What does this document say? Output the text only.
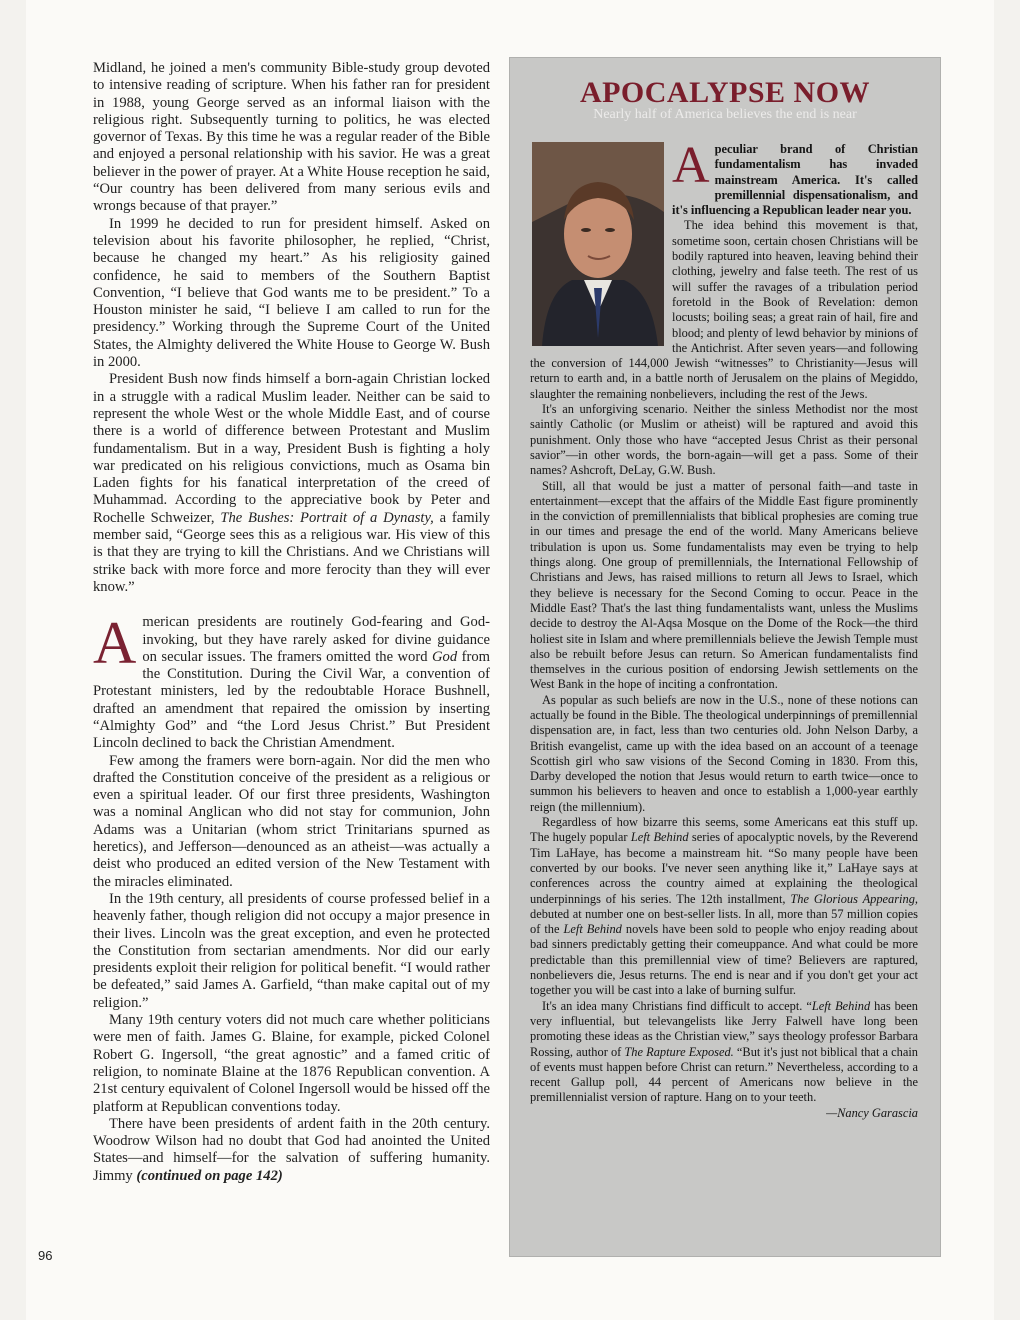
Midland, he joined a men's community Bible-study group devoted to intensive reading of scripture. When his father ran for president in 1988, young George served as an informal liaison with the religious right. Subsequently turning to politics, he was elected governor of Texas. By this time he was a regular reader of the Bible and enjoyed a personal relationship with his savior. He was a great believer in the power of prayer. At a White House reception he said, “Our country has been delivered from many serious evils and wrongs because of that prayer.”

In 1999 he decided to run for president himself. Asked on television about his favorite philosopher, he replied, “Christ, because he changed my heart.” As his religiosity gained confidence, he said to members of the Southern Baptist Convention, “I believe that God wants me to be president.” To a Houston minister he said, “I believe I am called to run for the presidency.” Working through the Supreme Court of the United States, the Almighty delivered the White House to George W. Bush in 2000.

President Bush now finds himself a born-again Christian locked in a struggle with a radical Muslim leader. Neither can be said to represent the whole West or the whole Middle East, and of course there is a world of difference between Protestant and Muslim fundamentalism. But in a way, President Bush is fighting a holy war predicated on his religious convictions, much as Osama bin Laden fights for his fanatical interpretation of the creed of Muhammad. According to the appreciative book by Peter and Rochelle Schweizer, The Bushes: Portrait of a Dynasty, a family member said, “George sees this as a religious war. His view of this is that they are trying to kill the Christians. And we Christians will strike back with more force and more ferocity than they will ever know.”

American presidents are routinely God-fearing and God-invoking, but they have rarely asked for divine guidance on secular issues. The framers omitted the word God from the Constitution. During the Civil War, a convention of Protestant ministers, led by the redoubtable Horace Bushnell, drafted an amendment that repaired the omission by inserting “Almighty God” and “the Lord Jesus Christ.” But President Lincoln declined to back the Christian Amendment.

Few among the framers were born-again. Nor did the men who drafted the Constitution conceive of the president as a religious or even a spiritual leader. Of our first three presidents, Washington was a nominal Anglican who did not stay for communion, John Adams was a Unitarian (whom strict Trinitarians spurned as heretics), and Jefferson—denounced as an atheist—was actually a deist who produced an edited version of the New Testament with the miracles eliminated.

In the 19th century, all presidents of course professed belief in a heavenly father, though religion did not occupy a major presence in their lives. Lincoln was the great exception, and even he protected the Constitution from sectarian amendments. Nor did our early presidents exploit their religion for political benefit. “I would rather be defeated,” said James A. Garfield, “than make capital out of my religion.”

Many 19th century voters did not much care whether politicians were men of faith. James G. Blaine, for example, picked Colonel Robert G. Ingersoll, “the great agnostic” and a famed critic of religion, to nominate Blaine at the 1876 Republican convention. A 21st century equivalent of Colonel Ingersoll would be hissed off the platform at Republican conventions today.

There have been presidents of ardent faith in the 20th century. Woodrow Wilson had no doubt that God had anointed the United States—and himself—for the salvation of suffering humanity. Jimmy (continued on page 142)

APOCALYPSE NOW
Nearly half of America believes the end is near

Apeculiar brand of Christian fundamentalism has invaded mainstream America. It's called premillennial dispensationalism, and it's influencing a Republican leader near you.

The idea behind this movement is that, sometime soon, certain chosen Christians will be bodily raptured into heaven, leaving behind their clothing, jewelry and false teeth. The rest of us will suffer the ravages of a tribulation period foretold in the Book of Revelation: demon locusts; boiling seas; a great rain of hail, fire and blood; and plenty of lewd behavior by minions of the Antichrist. After seven years—and following the conversion of 144,000 Jewish “witnesses” to Christianity—Jesus will return to earth and, in a battle north of Jerusalem on the plains of Megiddo, slaughter the remaining nonbelievers, including the rest of the Jews.

It's an unforgiving scenario. Neither the sinless Methodist nor the most saintly Catholic (or Muslim or atheist) will be raptured and avoid this punishment. Only those who have “accepted Jesus Christ as their personal savior”—in other words, the born-again—will get a pass. Some of their names? Ashcroft, DeLay, G.W. Bush.

Still, all that would be just a matter of personal faith—and taste in entertainment—except that the affairs of the Middle East figure prominently in the conviction of premillennialists that biblical prophesies are coming true in our times and presage the end of the world. Many Americans believe tribulation is upon us. Some fundamentalists may even be trying to help things along. One group of premillennials, the International Fellowship of Christians and Jews, has raised millions to return all Jews to Israel, which they believe is necessary for the Second Coming to occur. Peace in the Middle East? That's the last thing fundamentalists want, unless the Muslims decide to destroy the Al-Aqsa Mosque on the Dome of the Rock—the third holiest site in Islam and where premillennials believe the Jewish Temple must also be rebuilt before Jesus can return. So American fundamentalists find themselves in the curious position of endorsing Jewish settlements on the West Bank in the hope of inciting a confrontation.

As popular as such beliefs are now in the U.S., none of these notions can actually be found in the Bible. The theological underpinnings of premillennial dispensation are, in fact, less than two centuries old. John Nelson Darby, a British evangelist, came up with the idea based on an account of a teenage Scottish girl who saw visions of the Second Coming in 1830. From this, Darby developed the notion that Jesus would return to earth twice—once to summon his believers to heaven and once to establish a 1,000-year earthly reign (the millennium).

Regardless of how bizarre this seems, some Americans eat this stuff up. The hugely popular Left Behind series of apocalyptic novels, by the Reverend Tim LaHaye, has become a mainstream hit. “So many people have been converted by our books. I've never seen anything like it,” LaHaye says at conferences across the country aimed at explaining the theological underpinnings of his series. The 12th installment, The Glorious Appearing, debuted at number one on best-seller lists. In all, more than 57 million copies of the Left Behind novels have been sold to people who enjoy reading about bad sinners predictably getting their comeuppance. And what could be more predictable than this premillennial view of time? Believers are raptured, nonbelievers die, Jesus returns. The end is near and if you don't get your act together you will be cast into a lake of burning sulfur.

It's an idea many Christians find difficult to accept. “Left Behind has been very influential, but televangelists like Jerry Falwell have long been promoting these ideas as the Christian view,” says theology professor Barbara Rossing, author of The Rapture Exposed. “But it's just not biblical that a chain of events must happen before Christ can return.” Nevertheless, according to a recent Gallup poll, 44 percent of Americans now believe in the premillennialist version of rapture. Hang on to your teeth.
—Nancy Garascia

96
